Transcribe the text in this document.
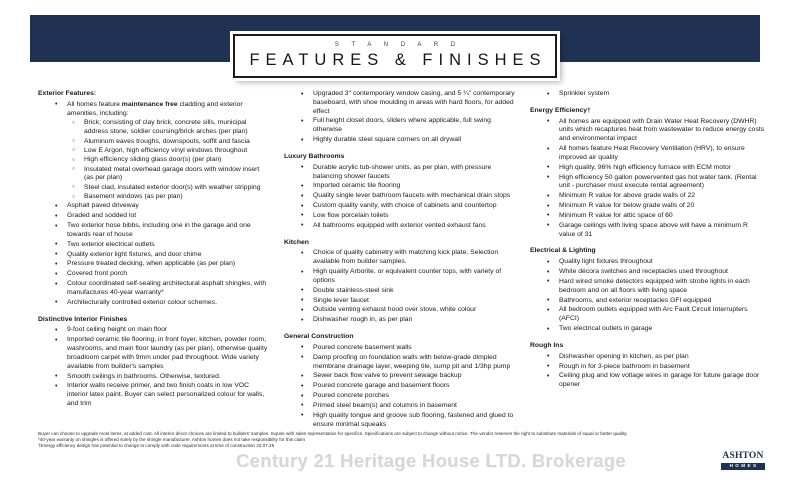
S T A N D A R D
FEATURES & FINISHES
Exterior Features:
• All homes feature maintenance free cladding and exterior amenities, including:
○ Brick; consisting of clay brick, concrete sills, municipal address stone, soldier coursing/brick arches (per plan)
○ Aluminum eaves troughs, downspouts, soffit and fascia
○ Low E Argon, high efficiency vinyl windows throughout
○ High efficiency sliding glass door(s) (per plan)
○ Insulated metal overhead garage doors with window insert (as per plan)
○ Steel clad, insulated exterior door(s) with weather stripping
○ Basement windows (as per plan)
• Asphalt paved driveway
• Graded and sodded lot
• Two exterior hose bibbs, including one in the garage and one towards rear of house
• Two exterior electrical outlets
• Quality exterior light fixtures, and door chime
• Pressure treated decking, when applicable (as per plan)
• Covered front porch
• Colour coordinated self-sealing architectural asphalt shingles, with manufactures 40-year warranty*
• Architecturally controlled exterior colour schemes.
Distinctive Interior Finishes
• 9-foot ceiling height on main floor
• Imported ceramic tile flooring, in front foyer, kitchen, powder room, washrooms, and main floor laundry (as per plan), otherwise quality broadloom carpet with 9mm under pad throughout. Wide variety available from builder's samples
• Smooth ceilings in bathrooms. Otherwise, textured.
• Interior walls receive primer, and two finish coats in low VOC interior latex paint. Buyer can select personalized colour for walls, and trim
• Upgraded 3" contemporary window casing, and 5 ¼" contemporary baseboard, with shoe moulding in areas with hard floors, for added effect
• Full height closet doors, sliders where applicable, full swing otherwise
• Highly durable steel square corners on all drywall
Luxury Bathrooms
• Durable acrylic tub-shower units, as per plan, with pressure balancing shower faucets
• Imported ceramic tile flooring
• Quality single lever bathroom faucets with mechanical drain stops
• Custom quality vanity, with choice of cabinets and countertop
• Low flow porcelain toilets
• All bathrooms equipped with exterior vented exhaust fans
Kitchen
• Choice of quality cabinetry with matching kick plate. Selection available from builder samples.
• High quality Arborite, or equivalent counter tops, with variety of options
• Double stainless-steel sink
• Single lever faucet
• Outside venting exhaust hood over stove, white colour
• Dishwasher rough in, as per plan
General Construction
• Poured concrete basement walls
• Damp proofing on foundation walls with below-grade dimpled membrane drainage layer, weeping tile, sump pit and 1/3hp pump
• Sewer back flow valve to prevent sewage backup
• Poured concrete garage and basement floors
• Poured concrete porches
• Primed steel beam(s) and columns in basement
• High quality tongue and groove sub flooring, fastened and glued to ensure minimal squeaks
• Sprinkler system
Energy Efficiency†
• All homes are equipped with Drain Water Heat Recovery (DWHR) units which recaptures heat from wastewater to reduce energy costs and environmental impact
• All homes feature Heat Recovery Ventilation (HRV), to ensure improved air quality
• High quality, 96% high efficiency furnace with ECM motor
• High efficiency 50 gallon powervented gas hot water tank. (Rental unit - purchaser must execute rental agreement)
• Minimum R value for above grade walls of 22
• Minimum R value for below grade walls of 20
• Minimum R value for attic space of 60
• Garage ceilings with living space above will have a minimum R value of 31
Electrical & Lighting
• Quality light fixtures throughout
• White décora switches and receptacles used throughout
• Hard wired smoke detectors equipped with strobe lights in each bedroom and on all floors with living space
• Bathrooms, and exterior receptacles GFI equipped
• All bedroom outlets equipped with Arc Fault Circuit Interrupters (AFCI)
• Two electrical outlets in garage
Rough Ins
• Dishwasher opening in kitchen, as per plan
• Rough in for 3-piece bathroom in basement
• Ceiling plug and low voltage wires in garage for future garage door opener
Buyer can choose to upgrade most items, at added cost. All interior décor choices are limited to builders’ samples. Inquire with sales representative for specifics. Specifications are subject to change without notice. The vendor reserves the right to substitute materials of equal or better quality.
*40-year warranty on shingles is offered solely by the shingle manufacturer. Ashton homes does not take responsibility for this claim
†Energy efficiency design has potential to change to comply with code requirements at time of construction 23.07.25
Century 21 Heritage House LTD. Brokerage	ASHTON
HOMES
